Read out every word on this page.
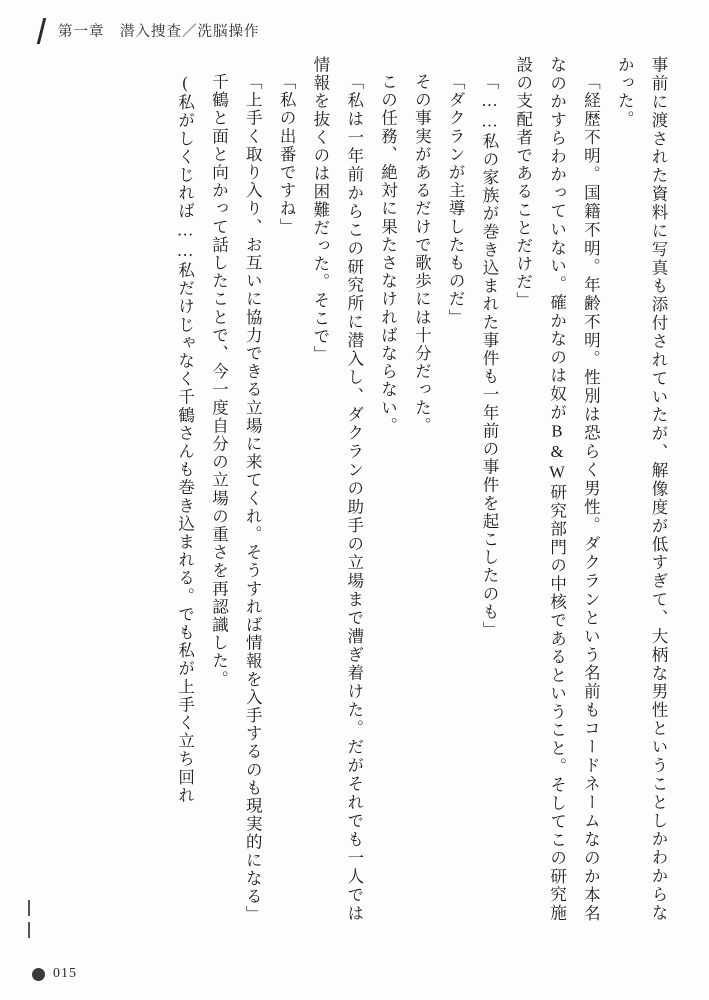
第一章　潜入捜査／洗脳操作

事前に渡された資料に写真も添付されていたが、解像度が低すぎて、大柄な男性ということしかわからなかった。

「経歴不明。国籍不明。年齢不明。性別は恐らく男性。ダクランという名前もコードネームなのか本名なのかすらわかっていない。確かなのは奴がB&W研究部門の中核であるということ。そしてこの研究施設の支配者であることだけだ」

「……私の家族が巻き込まれた事件も一年前の事件を起こしたのも」

「ダクランが主導したものだ」

その事実があるだけで歌歩には十分だった。

この任務、絶対に果たさなければならない。

「私は一年前からこの研究所に潜入し、ダクランの助手の立場まで漕ぎ着けた。だがそれでも一人では情報を抜くのは困難だった。そこで」

「私の出番ですね」

「上手く取り入り、お互いに協力できる立場に来てくれ。そうすれば情報を入手するのも現実的になる」

千鶴と面と向かって話したことで、今一度自分の立場の重さを再認識した。

(私がしくじれば……私だけじゃなく千鶴さんも巻き込まれる。でも私が上手く立ち回れ

015
